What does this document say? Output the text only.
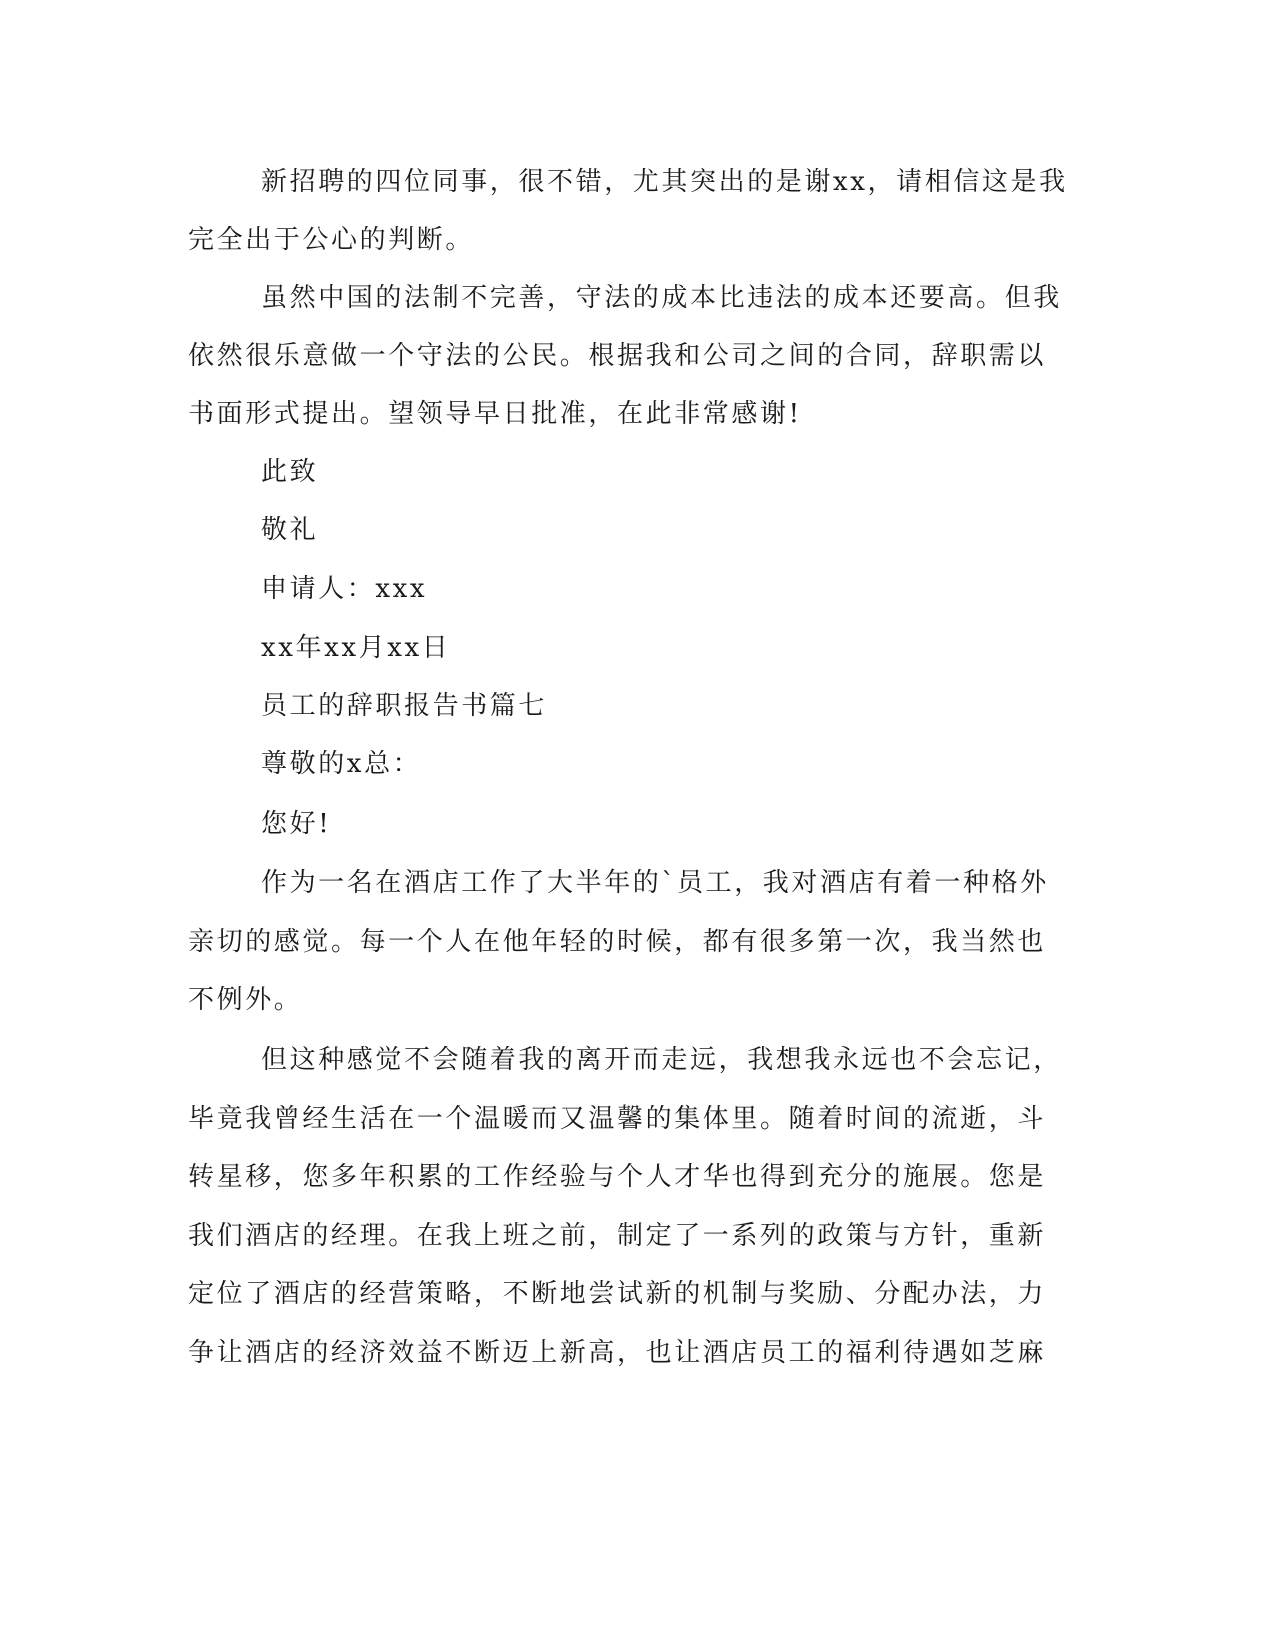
新招聘的四位同事，很不错，尤其突出的是谢xx，请相信这是我
完全出于公心的判断。
虽然中国的法制不完善，守法的成本比违法的成本还要高。但我
依然很乐意做一个守法的公民。根据我和公司之间的合同，辞职需以
书面形式提出。望领导早日批准，在此非常感谢!
此致
敬礼
申请人：xxx
xx年xx月xx日
员工的辞职报告书篇七
尊敬的x总：
您好!
作为一名在酒店工作了大半年的`员工，我对酒店有着一种格外
亲切的感觉。每一个人在他年轻的时候，都有很多第一次，我当然也
不例外。
但这种感觉不会随着我的离开而走远，我想我永远也不会忘记，
毕竟我曾经生活在一个温暖而又温馨的集体里。随着时间的流逝，斗
转星移，您多年积累的工作经验与个人才华也得到充分的施展。您是
我们酒店的经理。在我上班之前，制定了一系列的政策与方针，重新
定位了酒店的经营策略，不断地尝试新的机制与奖励、分配办法，力
争让酒店的经济效益不断迈上新高，也让酒店员工的福利待遇如芝麻
